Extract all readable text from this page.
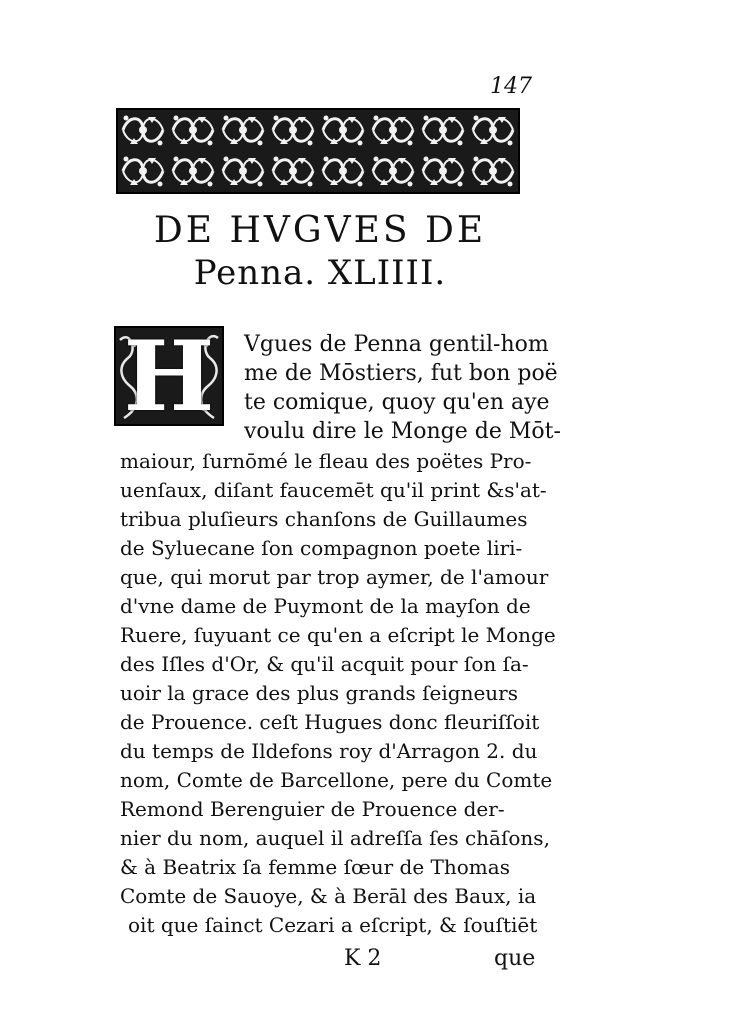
147
DE HVGVES DE
Penna. XLIIII.
H	Vgues de Penna gentil-hom
me de Mōstiers, fut bon poë
te comique, quoy qu'en aye
voulu dire le Monge de Mōt-
maiour, ſurnōmé le fleau des poëtes Pro-
uenſaux, diſant faucemēt qu'il print &s'at-
tribua pluſieurs chanſons de Guillaumes
de Syluecane ſon compagnon poete liri-
que, qui morut par trop aymer, de l'amour
d'vne dame de Puymont de la mayſon de
Ruere, ſuyuant ce qu'en a eſcript le Monge
des Iſles d'Or, & qu'il acquit pour ſon ſa-
uoir la grace des plus grands ſeigneurs
de Prouence. ceſt Hugues donc fleuriſſoit
du temps de Ildefons roy d'Arragon 2. du
nom, Comte de Barcellone, pere du Comte
Remond Berenguier de Prouence der-
nier du nom, auquel il adreſſa ſes chāſons,
& à Beatrix ſa femme ſœur de Thomas
Comte de Sauoye, & à Berāl des Baux, ia
oit que ſainct Cezari a eſcript, & ſouſtiēt
K 2	que
